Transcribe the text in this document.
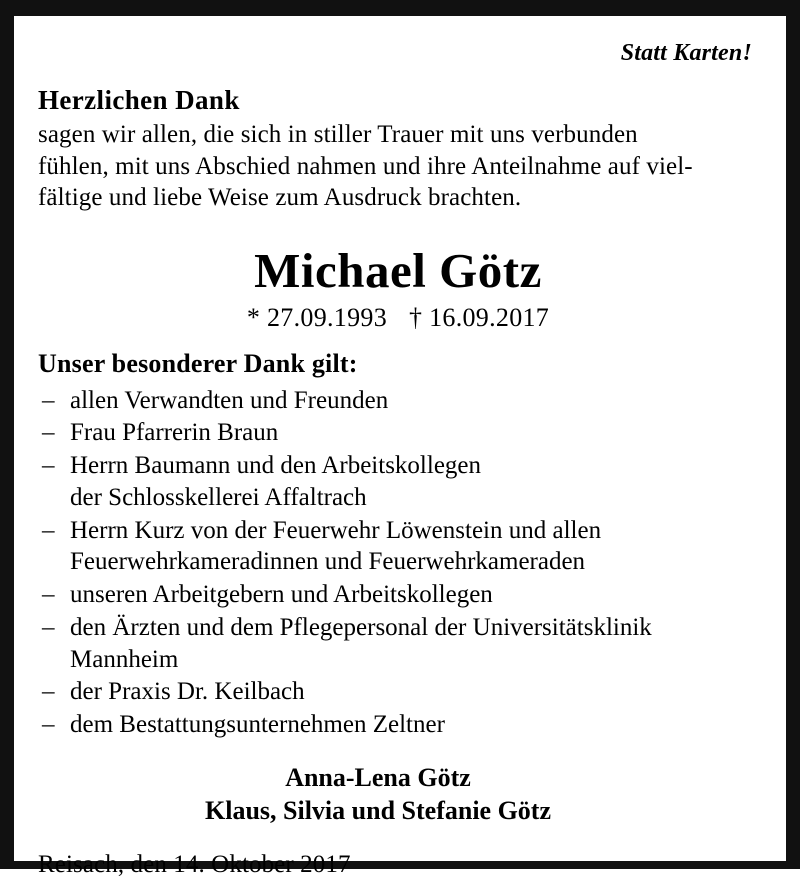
Statt Karten!
Herzlichen Dank
sagen wir allen, die sich in stiller Trauer mit uns verbunden
fühlen, mit uns Abschied nahmen und ihre Anteilnahme auf viel-
fältige und liebe Weise zum Ausdruck brachten.
Michael Götz
* 27.09.1993 † 16.09.2017
Unser besonderer Dank gilt:
– allen Verwandten und Freunden
– Frau Pfarrerin Braun
– Herrn Baumann und den Arbeitskollegen
der Schlosskellerei Affaltrach
– Herrn Kurz von der Feuerwehr Löwenstein und allen
Feuerwehrkameradinnen und Feuerwehrkameraden
– unseren Arbeitgebern und Arbeitskollegen
– den Ärzten und dem Pflegepersonal der Universitätsklinik
Mannheim
– der Praxis Dr. Keilbach
– dem Bestattungsunternehmen Zeltner
Anna-Lena Götz
Klaus, Silvia und Stefanie Götz
Reisach, den 14. Oktober 2017
